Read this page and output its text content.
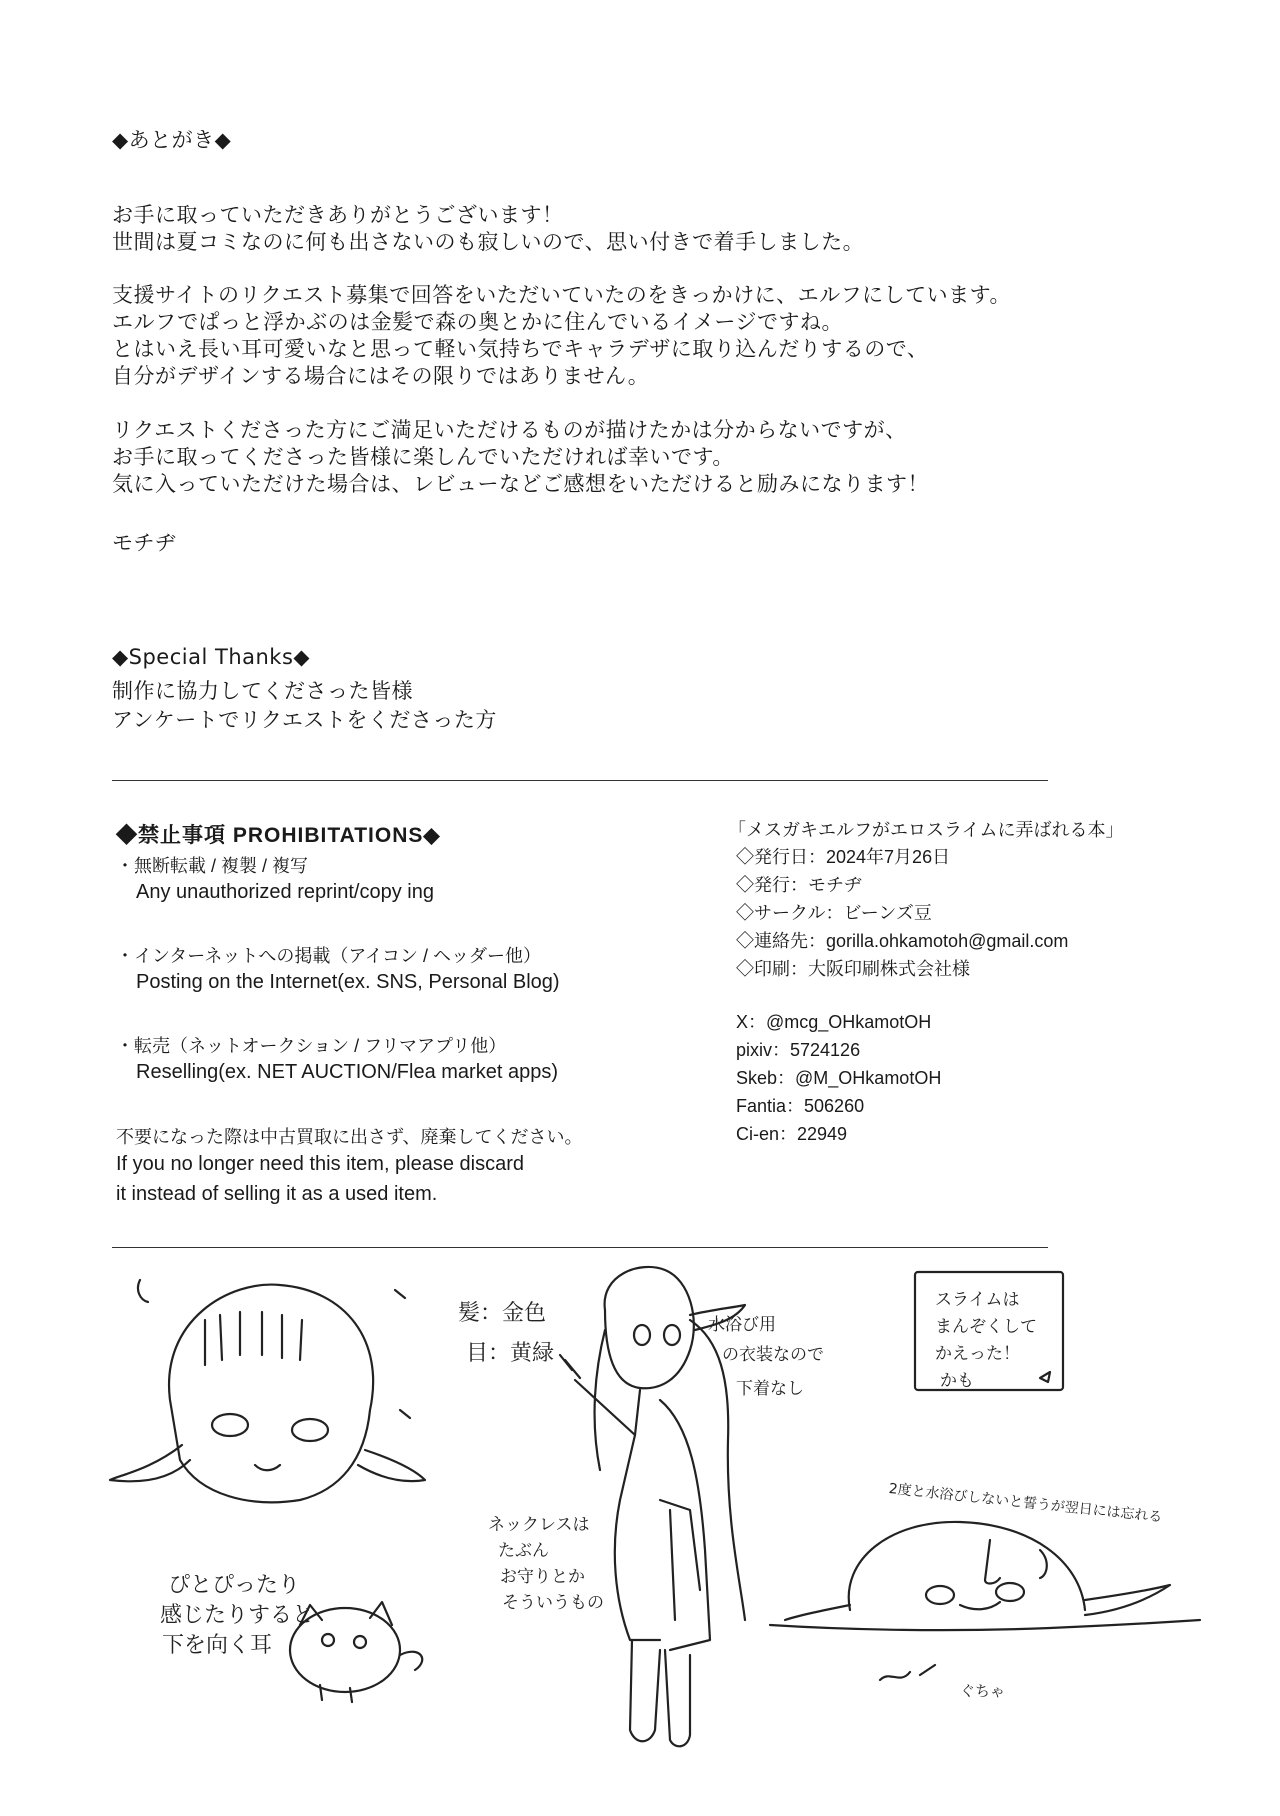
◆あとがき◆
お手に取っていただきありがとうございます！
世間は夏コミなのに何も出さないのも寂しいので、思い付きで着手しました。
支援サイトのリクエスト募集で回答をいただいていたのをきっかけに、エルフにしています。
エルフでぱっと浮かぶのは金髪で森の奥とかに住んでいるイメージですね。
とはいえ長い耳可愛いなと思って軽い気持ちでキャラデザに取り込んだりするので、
自分がデザインする場合にはその限りではありません。
リクエストくださった方にご満足いただけるものが描けたかは分からないですが、
お手に取ってくださった皆様に楽しんでいただければ幸いです。
気に入っていただけた場合は、レビューなどご感想をいただけると励みになります！
モチヂ
◆Special Thanks◆
制作に協力してくださった皆様
アンケートでリクエストをくださった方
◆禁止事項 PROHIBITATIONS◆
・無断転載 / 複製 / 複写
Any unauthorized reprint/copy ing
・インターネットへの掲載（アイコン / ヘッダー他）
Posting on the Internet(ex. SNS, Personal Blog)
・転売（ネットオークション / フリマアプリ他）
Reselling(ex. NET AUCTION/Flea market apps)
不要になった際は中古買取に出さず、廃棄してください。
If you no longer need this item, please discard
it instead of selling it as a used item.
「メスガキエルフがエロスライムに弄ばれる本」
◇発行日：2024年7月26日
◇発行：モチヂ
◇サークル：ビーンズ豆
◇連絡先：gorilla.ohkamotoh@gmail.com
◇印刷：大阪印刷株式会社様
X：@mcg_OHkamotOH
pixiv：5724126
Skeb：@M_OHkamotOH
Fantia：506260
Ci-en：22949
ぴとぴったり
感じたりすると
下を向く耳
髪：金色
目：黄緑
水浴び用
の衣装なので
下着なし
ネックレスは
たぶん
お守りとか
そういうもの
スライムは
まんぞくして
かえった！
かも
2度と水浴びしないと誓うが翌日には忘れる
ぐちゃ
